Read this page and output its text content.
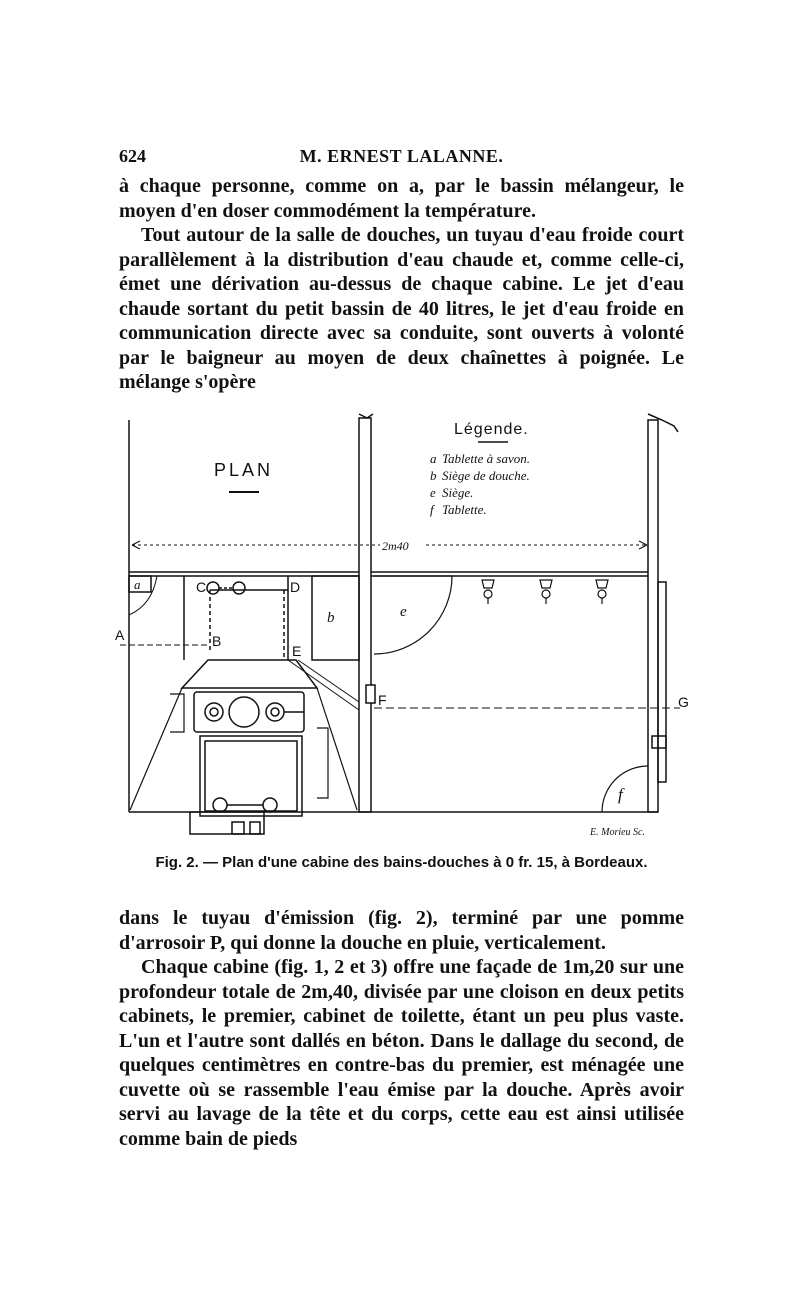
624	M. ERNEST LALANNE.

à chaque personne, comme on a, par le bassin mélangeur, le moyen d'en doser commodément la température.

Tout autour de la salle de douches, un tuyau d'eau froide court parallèlement à la distribution d'eau chaude et, comme celle-ci, émet une dérivation au-dessus de chaque cabine. Le jet d'eau chaude sortant du petit bassin de 40 litres, le jet d'eau froide en communication directe avec sa conduite, sont ouverts à volonté par le baigneur au moyen de deux chaînettes à poignée. Le mélange s'opère

2m40
a	C	D
B
A
E
b	e
F	G
f
Légende.
a Tablette à savon.
b Siège de douche.
e Siège.
f Tablette.
PLAN
E. Morieu Sc.
Fig. 2. — Plan d'une cabine des bains-douches à 0 fr. 15, à Bordeaux.

dans le tuyau d'émission (fig. 2), terminé par une pomme d'arrosoir P, qui donne la douche en pluie, verticalement.

Chaque cabine (fig. 1, 2 et 3) offre une façade de 1m,20 sur une profondeur totale de 2m,40, divisée par une cloison en deux petits cabinets, le premier, cabinet de toilette, étant un peu plus vaste. L'un et l'autre sont dallés en béton. Dans le dallage du second, de quelques centimètres en contre-bas du premier, est ménagée une cuvette où se rassemble l'eau émise par la douche. Après avoir servi au lavage de la tête et du corps, cette eau est ainsi utilisée comme bain de pieds
